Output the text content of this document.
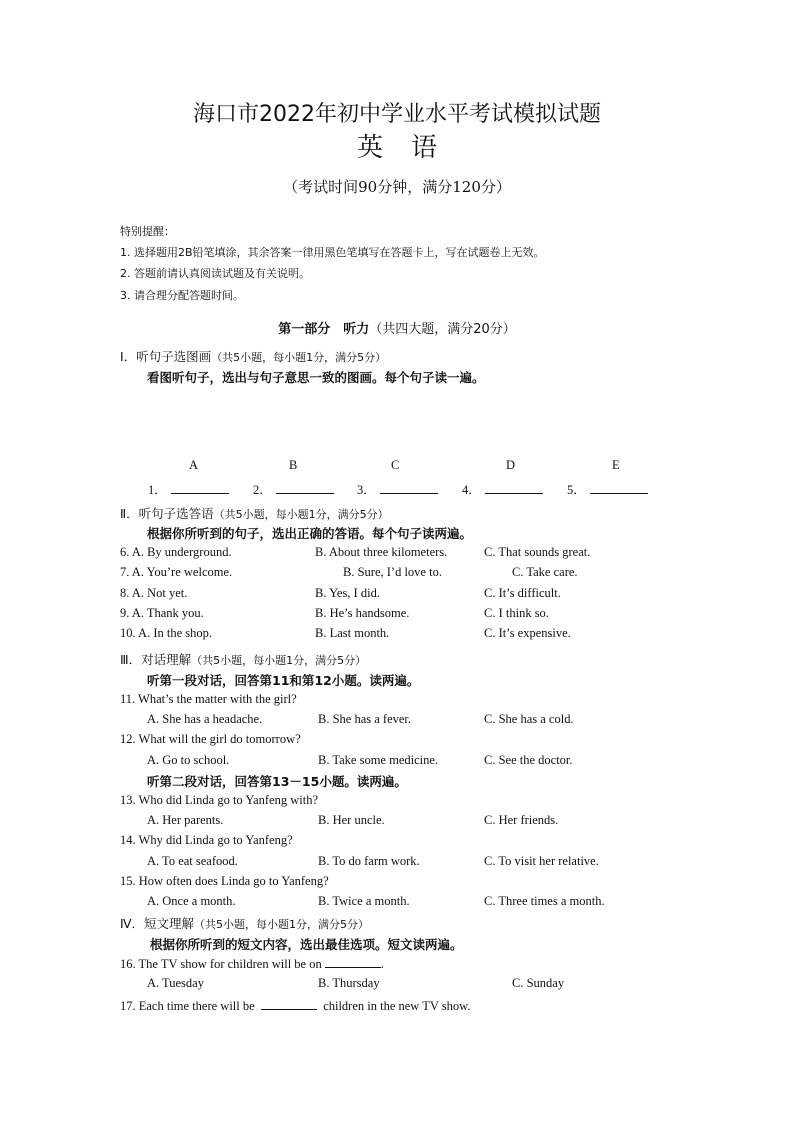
海口市2022年初中学业水平考试模拟试题
英 语
（考试时间90分钟，满分120分）
特别提醒：
1. 选择题用2B铅笔填涂，其余答案一律用黑色笔填写在答题卡上，写在试题卷上无效。
2. 答题前请认真阅读试题及有关说明。
3. 请合理分配答题时间。
第一部分　听力（共四大题，满分20分）
Ⅰ．听句子选图画（共5小题，每小题1分，满分5分）
看图听句子，选出与句子意思一致的图画。每个句子读一遍。
A	B	C	D	E
1．	2．	3．	4．	5．
Ⅱ．听句子选答语（共5小题，每小题1分，满分5分）
根据你所听到的句子，选出正确的答语。每个句子读两遍。
6. A. By underground.	B. About three kilometers.	C. That sounds great.
7. A. You’re welcome.	B. Sure, I’d love to.	C. Take care.
8. A. Not yet.	B. Yes, I did.	C. It’s difficult.
9. A. Thank you.	B. He’s handsome.	C. I think so.
10. A. In the shop.	B. Last month.	C. It’s expensive.
Ⅲ．对话理解（共5小题，每小题1分，满分5分）
听第一段对话，回答第11和第12小题。读两遍。
11. What’s the matter with the girl?
A. She has a headache.	B. She has a fever.	C. She has a cold.
12. What will the girl do tomorrow?
A. Go to school.	B. Take some medicine.	C. See the doctor.
听第二段对话，回答第13－15小题。读两遍。
13. Who did Linda go to Yanfeng with?
A. Her parents.	B. Her uncle.	C. Her friends.
14. Why did Linda go to Yanfeng?
A. To eat seafood.	B. To do farm work.	C. To visit her relative.
15. How often does Linda go to Yanfeng?
A. Once a month.	B. Twice a month.	C. Three times a month.
Ⅳ．短文理解（共5小题，每小题1分，满分5分）
根据你所听到的短文内容，选出最佳选项。短文读两遍。
16. The TV show for children will be on	.
A. Tuesday	B. Thursday	C. Sunday
17. Each time there will be	children in the new TV show.
